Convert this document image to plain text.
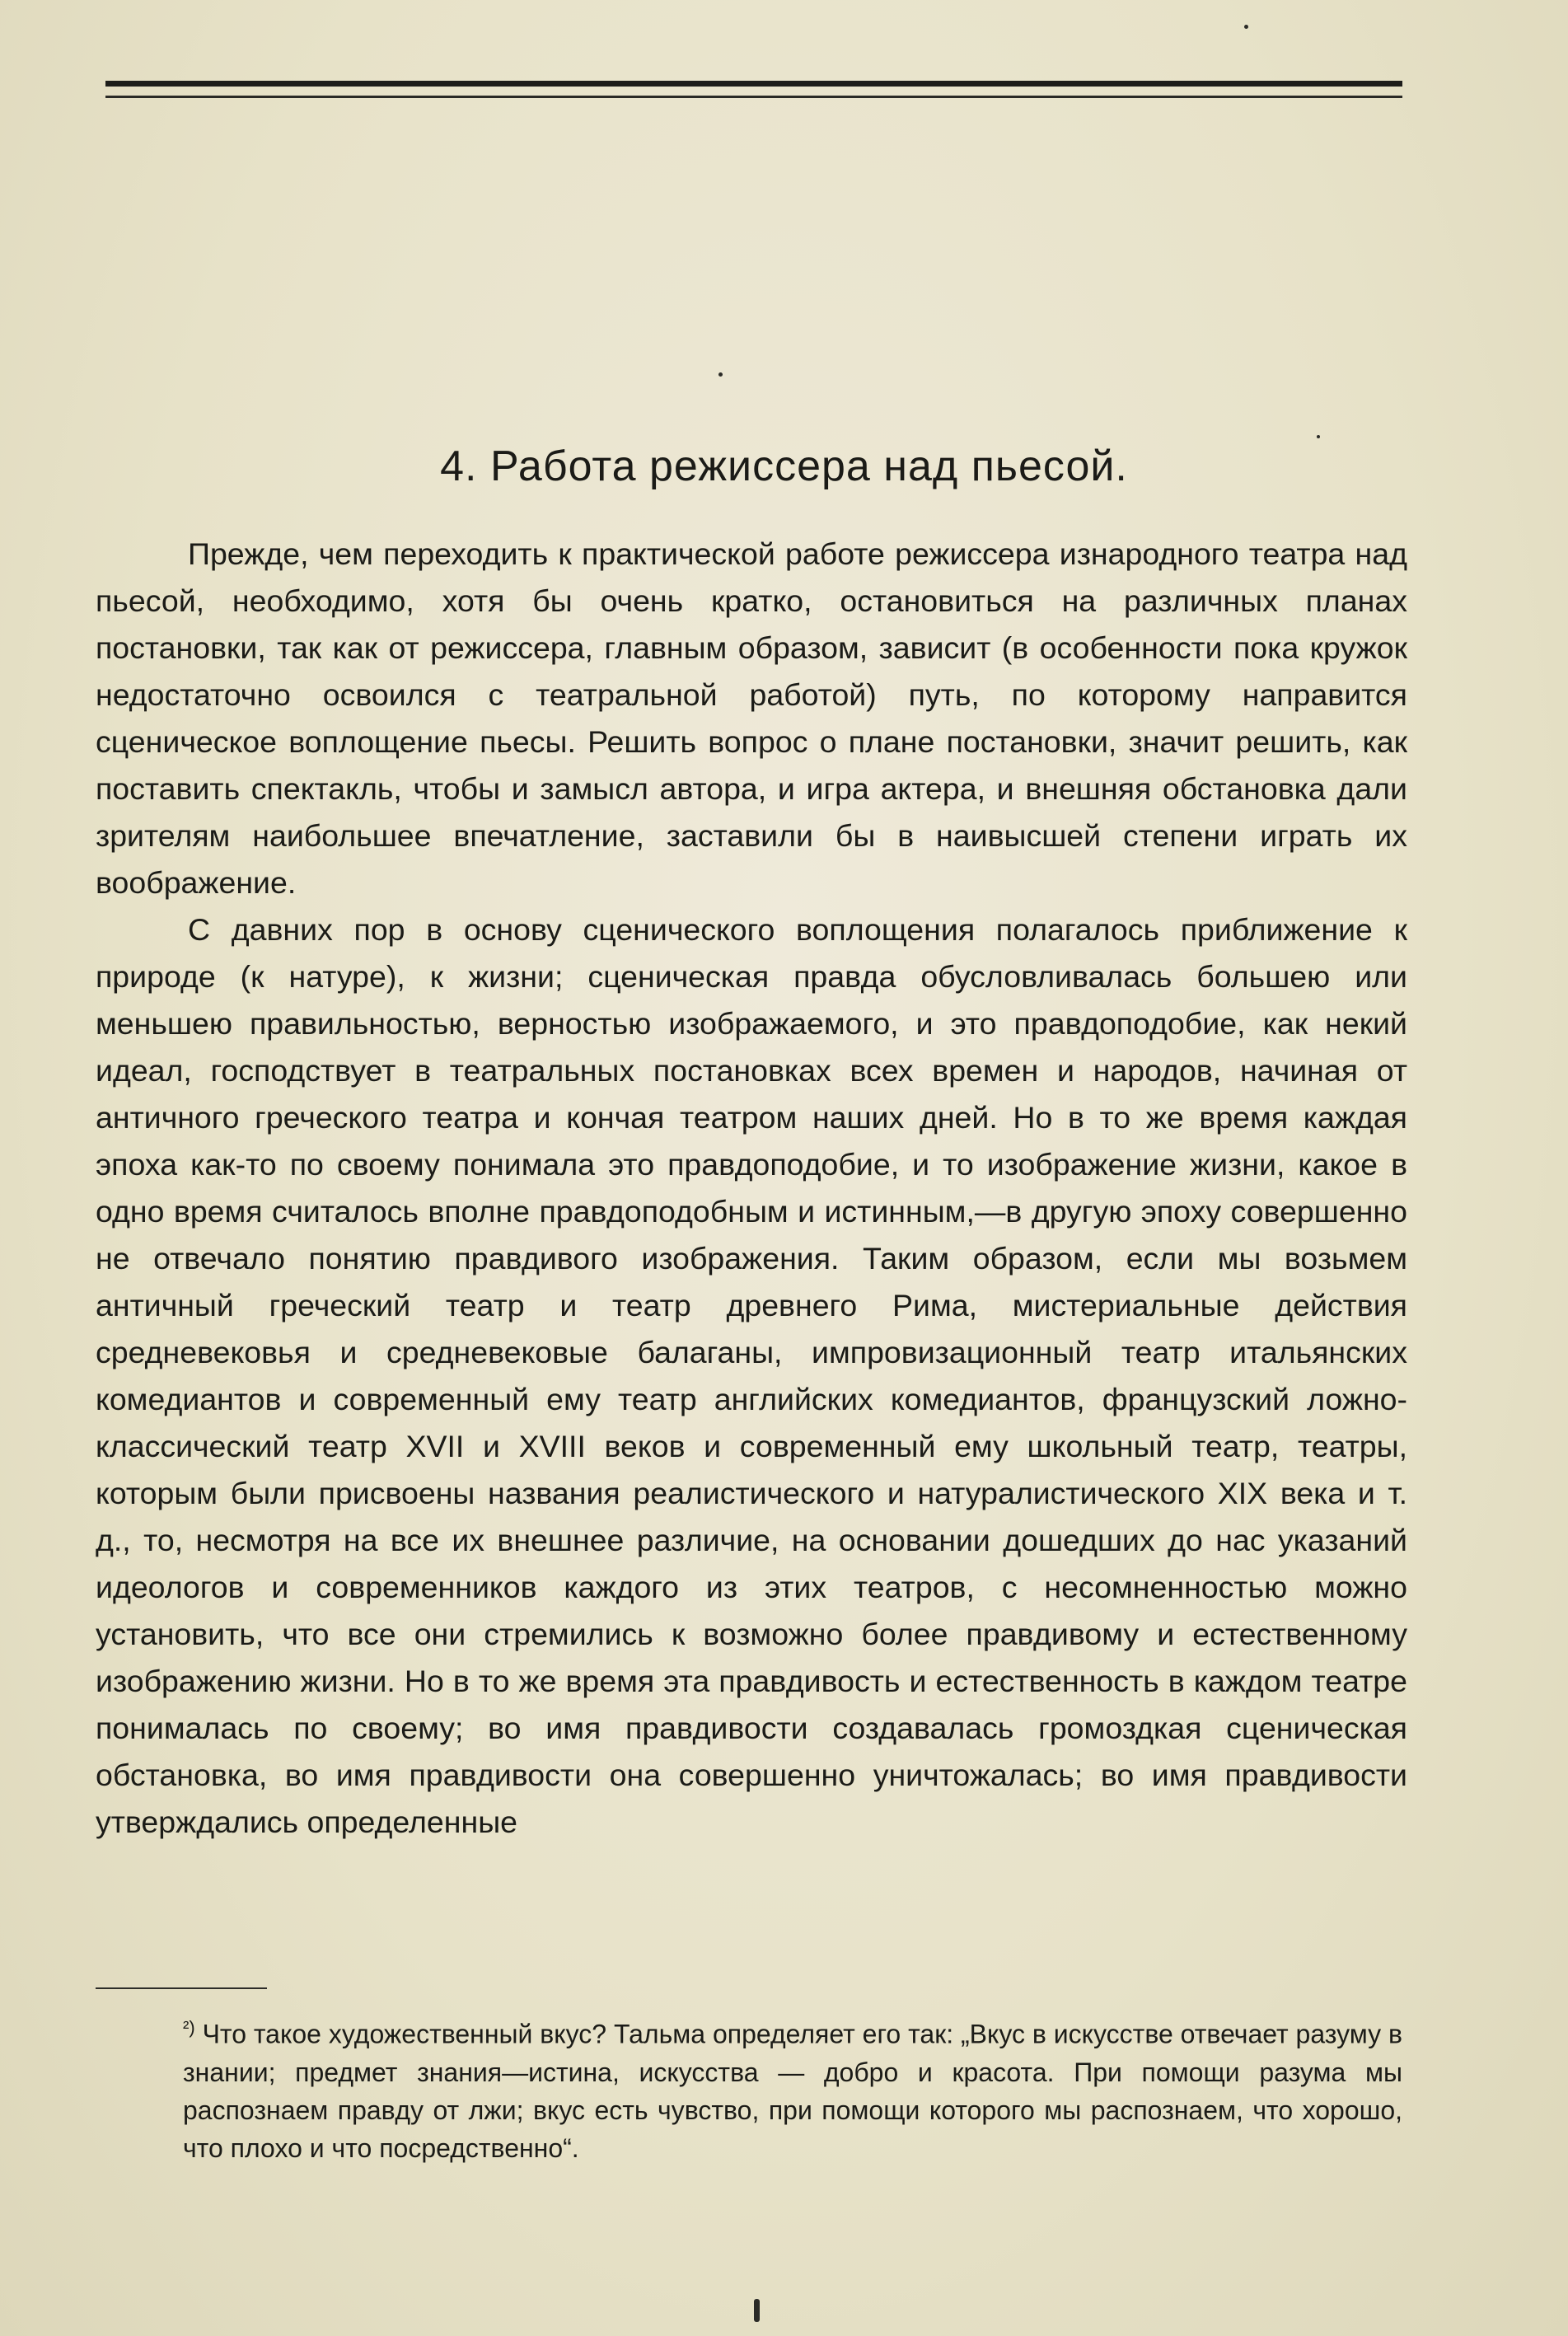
4. Работа режиссера над пьесой.

Прежде, чем переходить к практической работе режиссера изнародного театра над пьесой, необходимо, хотя бы очень кратко, остановиться на различных планах постановки, так как от режиссера, главным образом, зависит (в особенности пока кружок недостаточно освоился с театральной работой) путь, по которому направится сценическое воплощение пьесы. Решить вопрос о плане постановки, значит решить, как поставить спектакль, чтобы и замысл автора, и игра актера, и внешняя обстановка дали зрителям наибольшее впечатление, заставили бы в наивысшей степени играть их воображение.

С давних пор в основу сценического воплощения полагалось приближение к природе (к натуре), к жизни; сценическая правда обусловливалась большею или меньшею правильностью, верностью изображаемого, и это правдоподобие, как некий идеал, господствует в театральных постановках всех времен и народов, начиная от античного греческого театра и кончая театром наших дней. Но в то же время каждая эпоха как-то по своему понимала это правдоподобие, и то изображение жизни, какое в одно время считалось вполне правдоподобным и истинным,—в другую эпоху совершенно не отвечало понятию правдивого изображения. Таким образом, если мы возьмем античный греческий театр и театр древнего Рима, мистериальные действия средневековья и средневековые балаганы, импровизационный театр итальянских комедиантов и современный ему театр английских комедиантов, французский ложно-классический театр XVII и XVIII веков и современный ему школьный театр, театры, которым были присвоены названия реалистического и натуралистического XIX века и т. д., то, несмотря на все их внешнее различие, на основании дошедших до нас указаний идеологов и современников каждого из этих театров, с несомненностью можно установить, что все они стремились к возможно более правдивому и естественному изображению жизни. Но в то же время эта правдивость и естественность в каждом театре понималась по своему; во имя правдивости создавалась громоздкая сценическая обстановка, во имя правдивости она совершенно уничтожалась; во имя правдивости утверждались определенные

$^{^2)}$ Что такое художественный вкус? Тальма определяет его так: „Вкус в искусстве отвечает разуму в знании; предмет знания—истина, искусства — добро и красота. При помощи разума мы распознаем правду от лжи; вкус есть чувство, при помощи которого мы распознаем, что хорошо, что плохо и что посредственно“.
